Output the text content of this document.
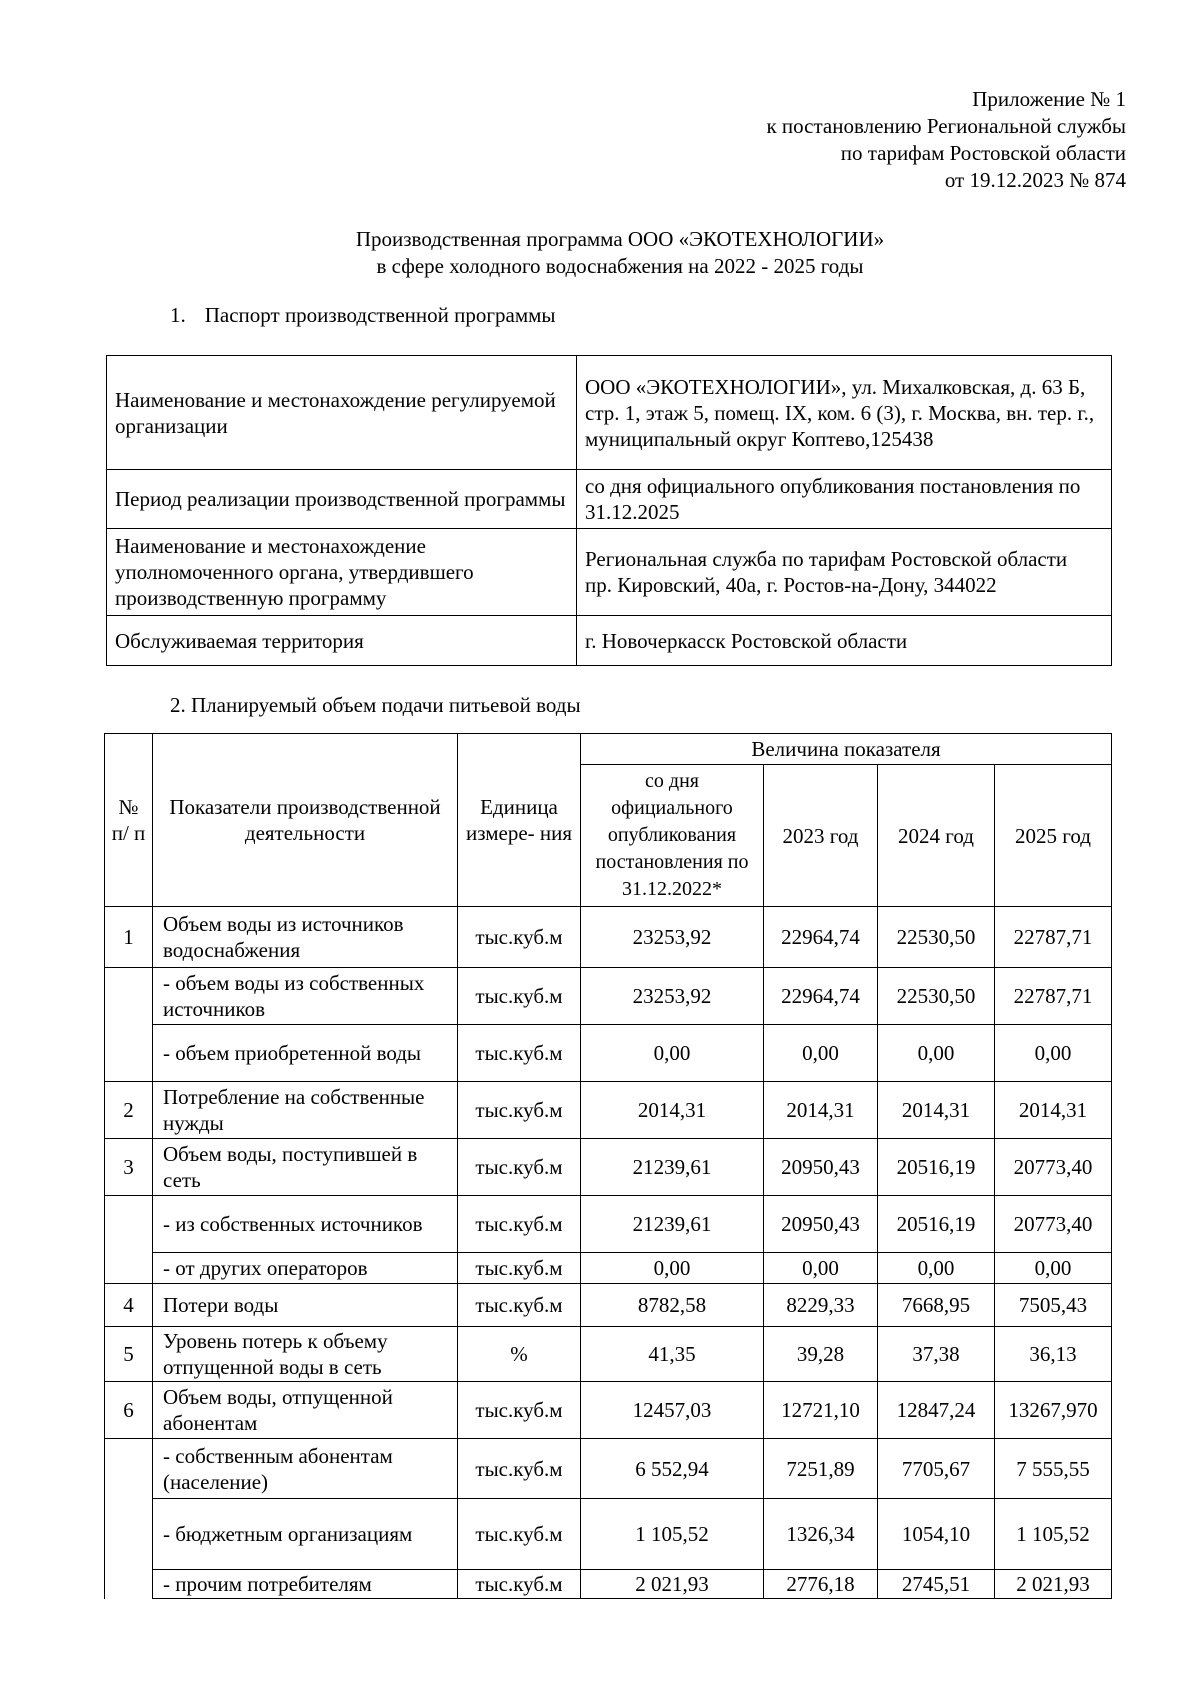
Приложение № 1
к постановлению Региональной службы
по тарифам Ростовской области
от 19.12.2023 № 874
Производственная программа ООО «ЭКОТЕХНОЛОГИИ»
в сфере холодного водоснабжения на 2022 - 2025 годы
1. Паспорт производственной программы
Наименование и местонахождение регулируемой организации	ООО «ЭКОТЕХНОЛОГИИ», ул. Михалковская, д. 63 Б, стр. 1, этаж 5, помещ. IX, ком. 6 (3), г. Москва, вн. тер. г., муниципальный округ Коптево,125438
Период реализации производственной программы	со дня официального опубликования постановления по 31.12.2025
Наименование и местонахождение уполномоченного органа, утвердившего производственную программу	Региональная служба по тарифам Ростовской области
пр. Кировский, 40а, г. Ростов-на-Дону, 344022

Обслуживаемая территория	г. Новочеркасск Ростовской области
2. Планируемый объем подачи питьевой воды
№ п/ п	Показатели производственной деятельности	Единица измере- ния	Величина показателя			
			со дня официального опубликования постановления по 31.12.2022*	2023 год	2024 год	2025 год
1	Объем воды из источников водоснабжения	тыс.куб.м	23253,92	22964,74	22530,50	22787,71
	- объем воды из собственных источников	тыс.куб.м	23253,92	22964,74	22530,50	22787,71
	- объем приобретенной воды	тыс.куб.м	0,00	0,00	0,00	0,00
2	Потребление на собственные нужды	тыс.куб.м	2014,31	2014,31	2014,31	2014,31
3	Объем воды, поступившей в сеть	тыс.куб.м	21239,61	20950,43	20516,19	20773,40
	- из собственных источников	тыс.куб.м	21239,61	20950,43	20516,19	20773,40
	- от других операторов	тыс.куб.м	0,00	0,00	0,00	0,00
4	Потери воды	тыс.куб.м	8782,58	8229,33	7668,95	7505,43
5	Уровень потерь к объему отпущенной воды в сеть	%	41,35	39,28	37,38	36,13
6	Объем воды, отпущенной абонентам	тыс.куб.м	12457,03	12721,10	12847,24	13267,970
	- собственным абонентам (население)	тыс.куб.м	6 552,94	7251,89	7705,67	7 555,55
	- бюджетным организациям	тыс.куб.м	1 105,52	1326,34	1054,10	1 105,52
	- прочим потребителям	тыс.куб.м	2 021,93	2776,18	2745,51	2 021,93
